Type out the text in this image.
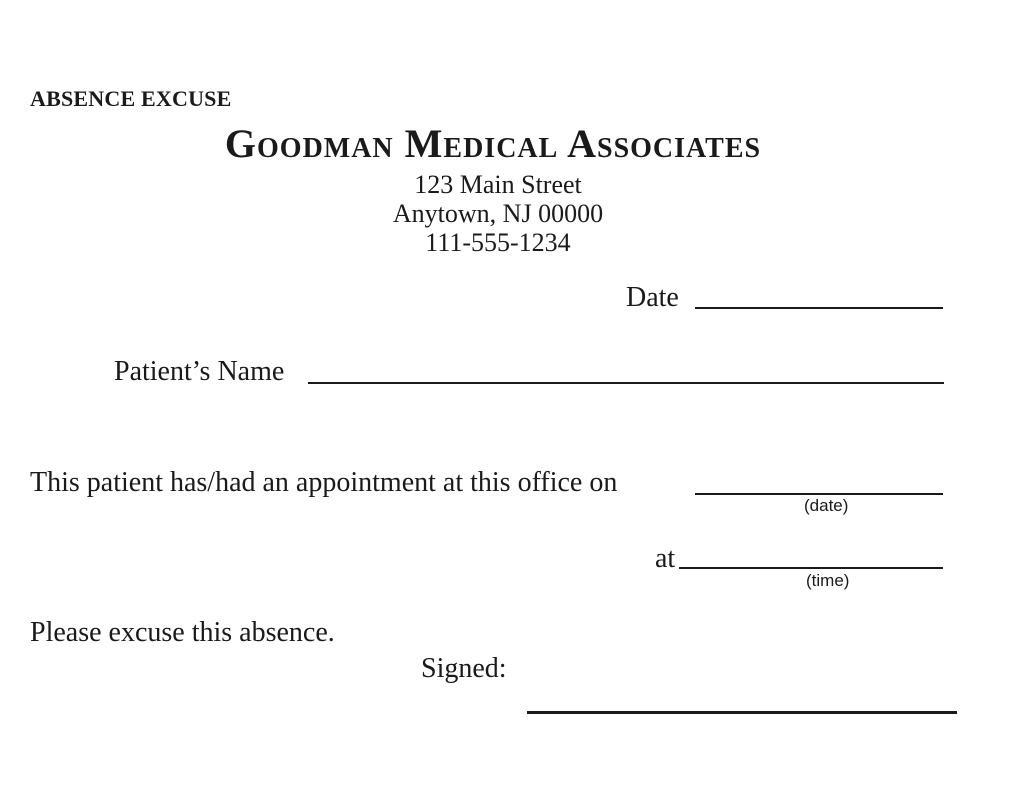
ABSENCE EXCUSE
Goodman Medical Associates
123 Main Street
Anytown, NJ 00000
111-555-1234
Date
Patient’s Name
This patient has/had an appointment at this office on
(date)
at
(time)
Please excuse this absence.
Signed:
